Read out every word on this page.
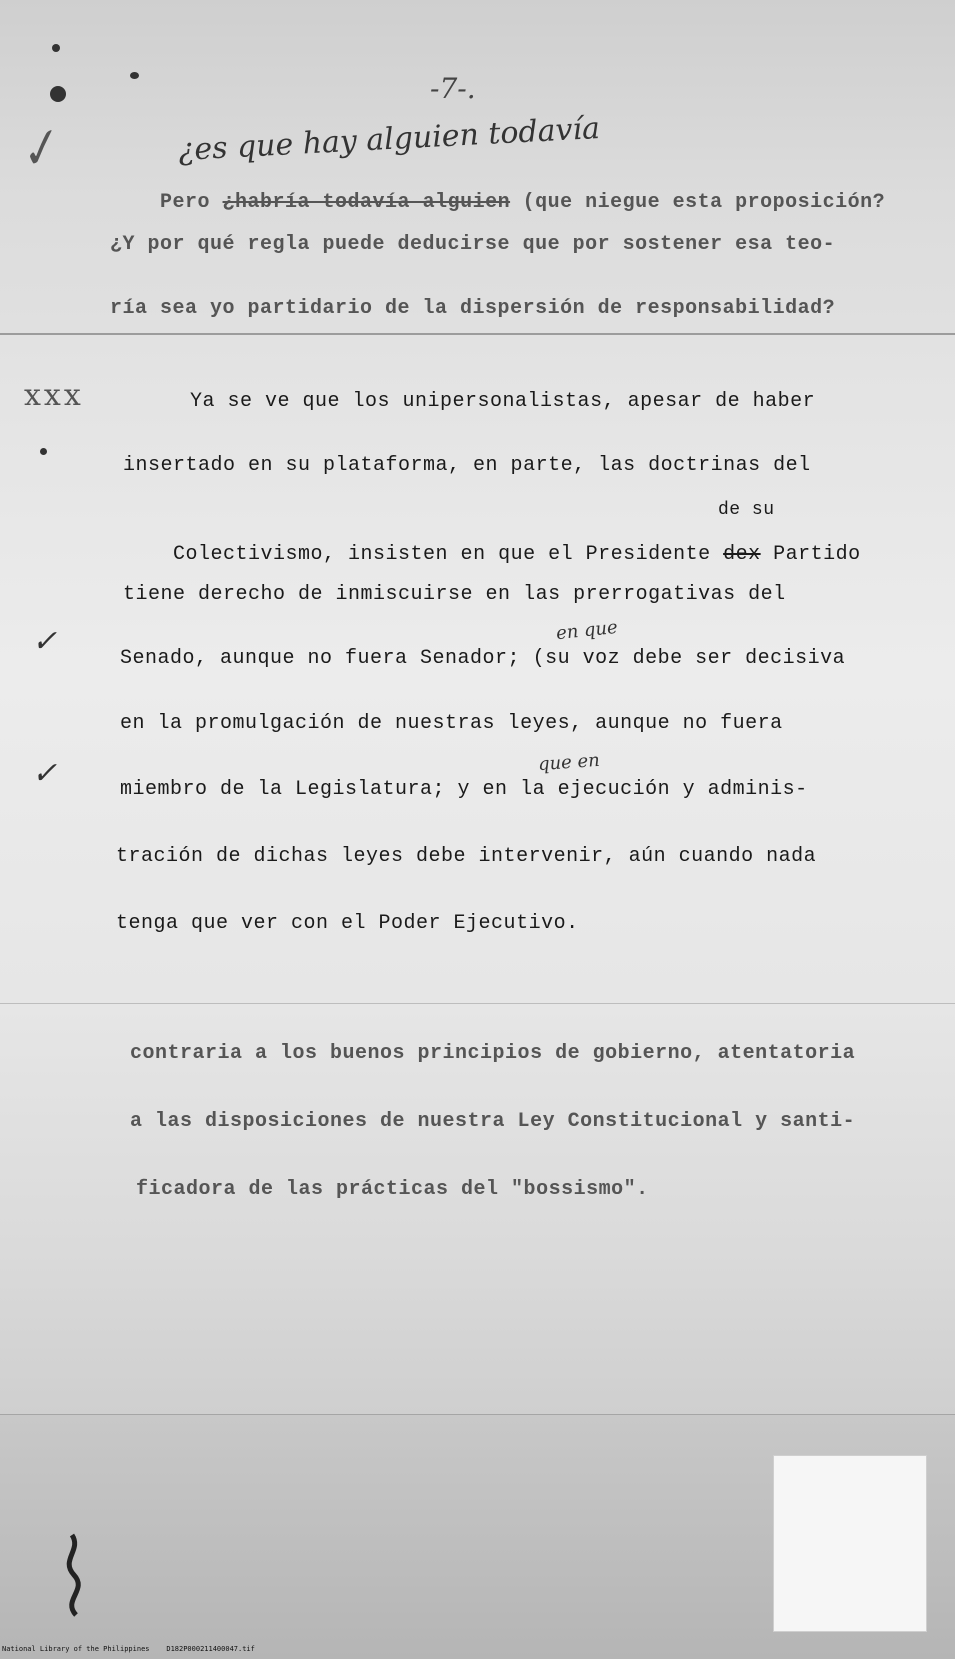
-7-.
¿es que hay alguien todavía
✓

Pero ¿habría todavía alguien (que niegue esta proposición?

¿Y por qué regla puede deducirse que por sostener esa teo-
ría sea yo partidario de la dispersión de responsabilidad?
xxx	Ya se ve que los unipersonalistas, apesar de haber
insertado en su plataforma, en parte, las doctrinas del
de su

Colectivismo, insisten en que el Presidente dex Partido

tiene derecho de inmiscuirse en las prerrogativas del
✓	en que
Senado, aunque no fuera Senador; (su voz debe ser decisiva
en la promulgación de nuestras leyes, aunque no fuera
✓	que en
miembro de la Legislatura; y en la ejecución y adminis-
tración de dichas leyes debe intervenir, aún cuando nada
tenga que ver con el Poder Ejecutivo.
contraria a los buenos principios de gobierno, atentatoria
a las disposiciones de nuestra Ley Constitucional y santi-
ficadora de las prácticas del "bossismo".
National Library of the Philippines    D182P000211400047.tif
